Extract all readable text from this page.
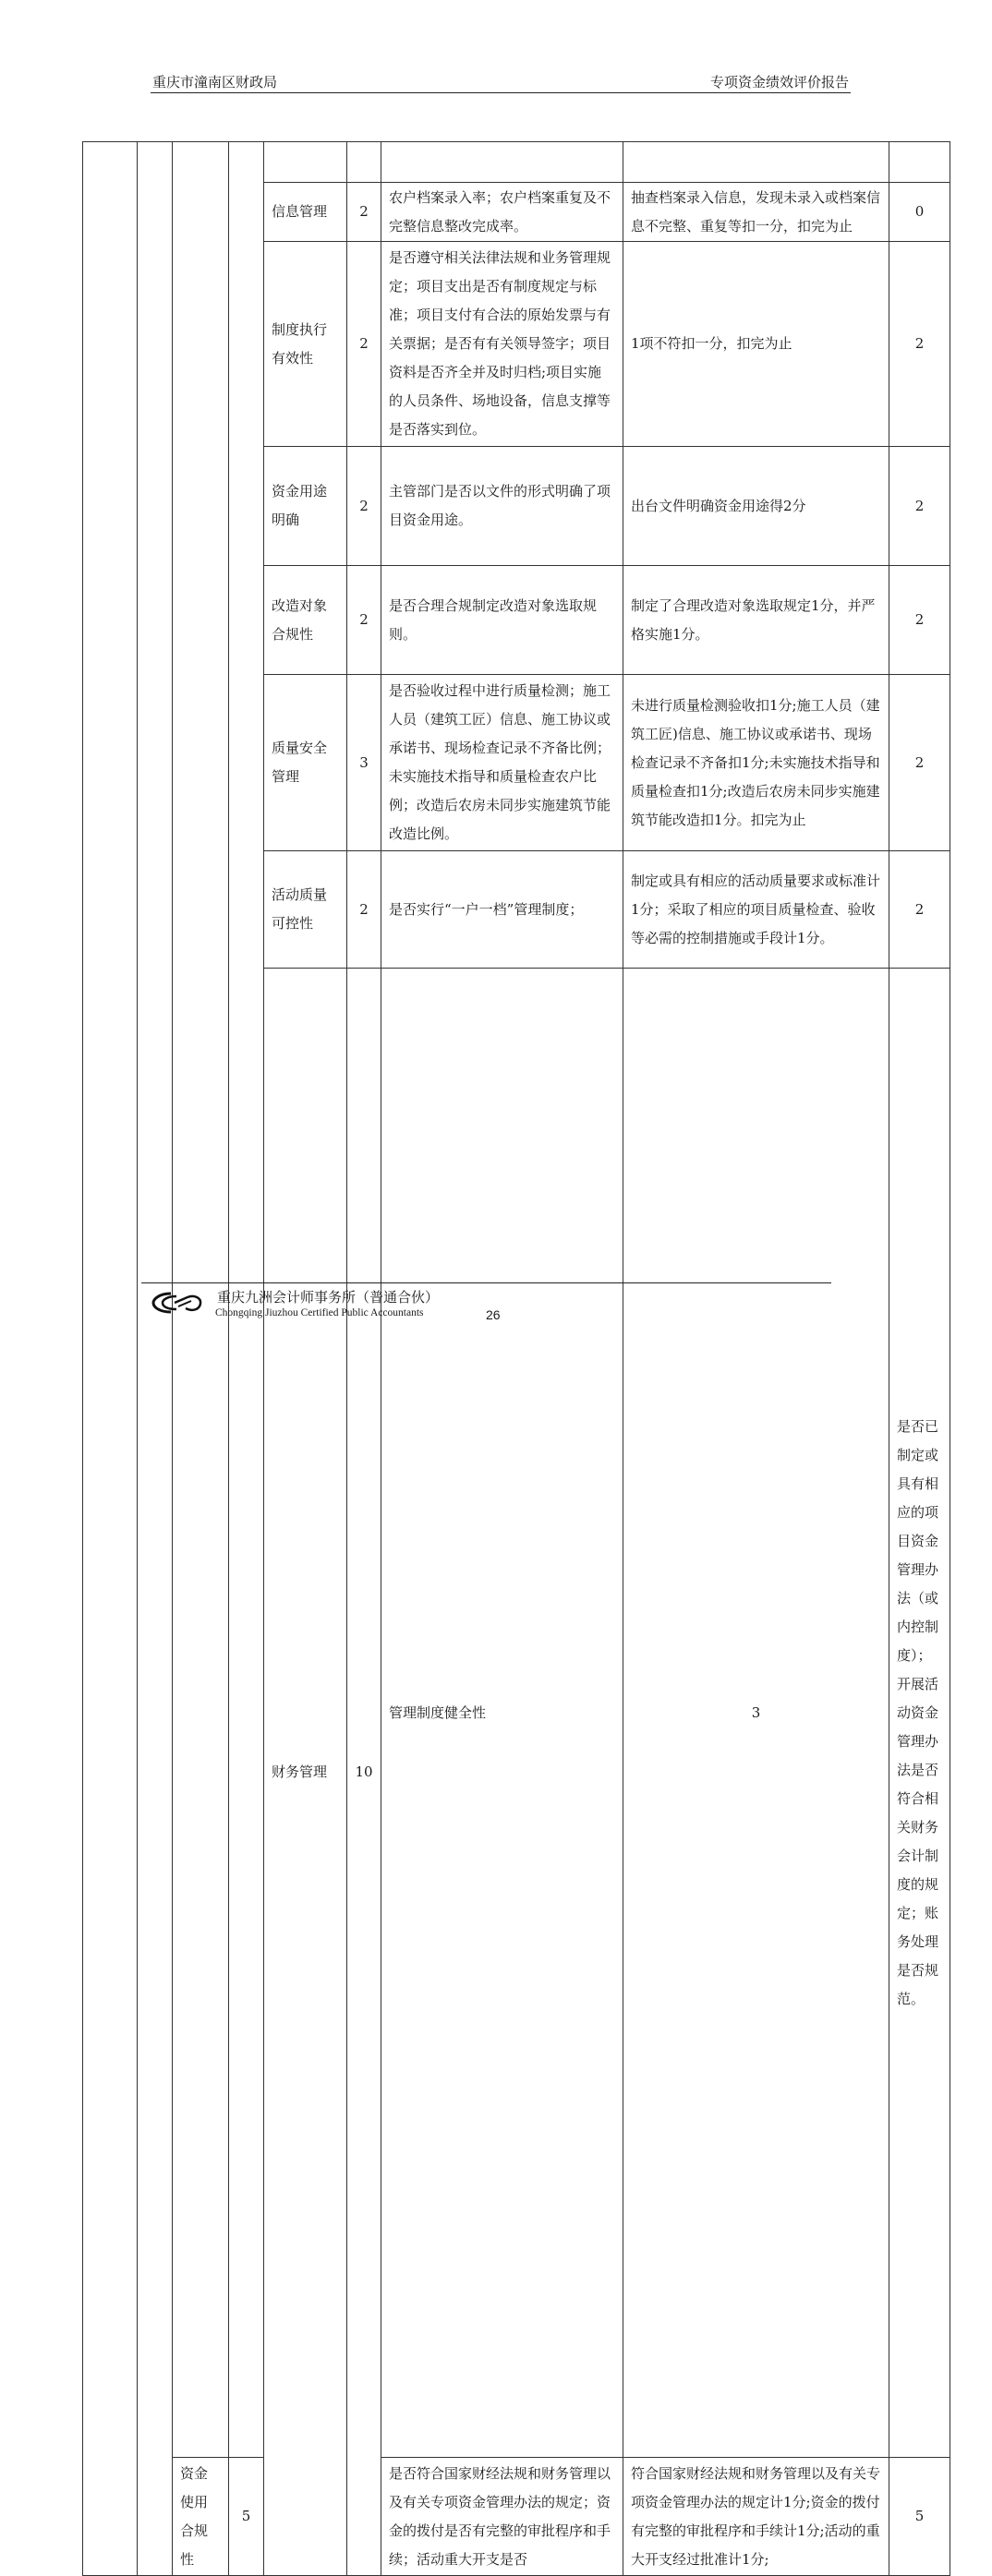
重庆市潼南区财政局	专项资金绩效评价报告

				信息管理	2	农户档案录入率；农户档案重复及不完整信息整改完成率。	抽查档案录入信息，发现未录入或档案信息不完整、重复等扣一分，扣完为止	0	
				制度执行有效性	2	是否遵守相关法律法规和业务管理规定；项目支出是否有制度规定与标准；项目支付有合法的原始发票与有关票据；是否有有关领导签字；项目资料是否齐全并及时归档;项目实施的人员条件、场地设备，信息支撑等是否落实到位。	1项不符扣一分，扣完为止	2	
				资金用途明确	2	主管部门是否以文件的形式明确了项目资金用途。	出台文件明确资金用途得2分	2	
				改造对象合规性	2	是否合理合规制定改造对象选取规则。	制定了合理改造对象选取规定1分，并严格实施1分。	2	
				质量安全管理	3	是否验收过程中进行质量检测；施工人员（建筑工匠）信息、施工协议或承诺书、现场检查记录不齐备比例；未实施技术指导和质量检查农户比例；改造后农房未同步实施建筑节能改造比例。	未进行质量检测验收扣1分;施工人员（建筑工匠)信息、施工协议或承诺书、现场检查记录不齐备扣1分;未实施技术指导和质量检查扣1分;改造后农房未同步实施建筑节能改造扣1分。扣完为止	2	
				活动质量可控性	2	是否实行“一户一档”管理制度；	制定或具有相应的活动质量要求或标准计1分；采取了相应的项目质量检查、验收等必需的控制措施或手段计1分。	2	
				财务管理	10	管理制度健全性	3	是否已制定或具有相应的项目资金管理办法（或内控制度）；开展活动资金管理办法是否符合相关财务会计制度的规定；账务处理是否规范。		
		资金使用合规性	5			是否符合国家财经法规和财务管理以及有关专项资金管理办法的规定；资金的拨付是否有完整的审批程序和手续；活动重大开支是否	符合国家财经法规和财务管理以及有关专项资金管理办法的规定计1分;资金的拨付有完整的审批程序和手续计1分;活动的重大开支经过批准计1分;	5	
重庆九洲会计师事务所（普通合伙）
Chongqing Jiuzhou Certified Public Accountants	26
